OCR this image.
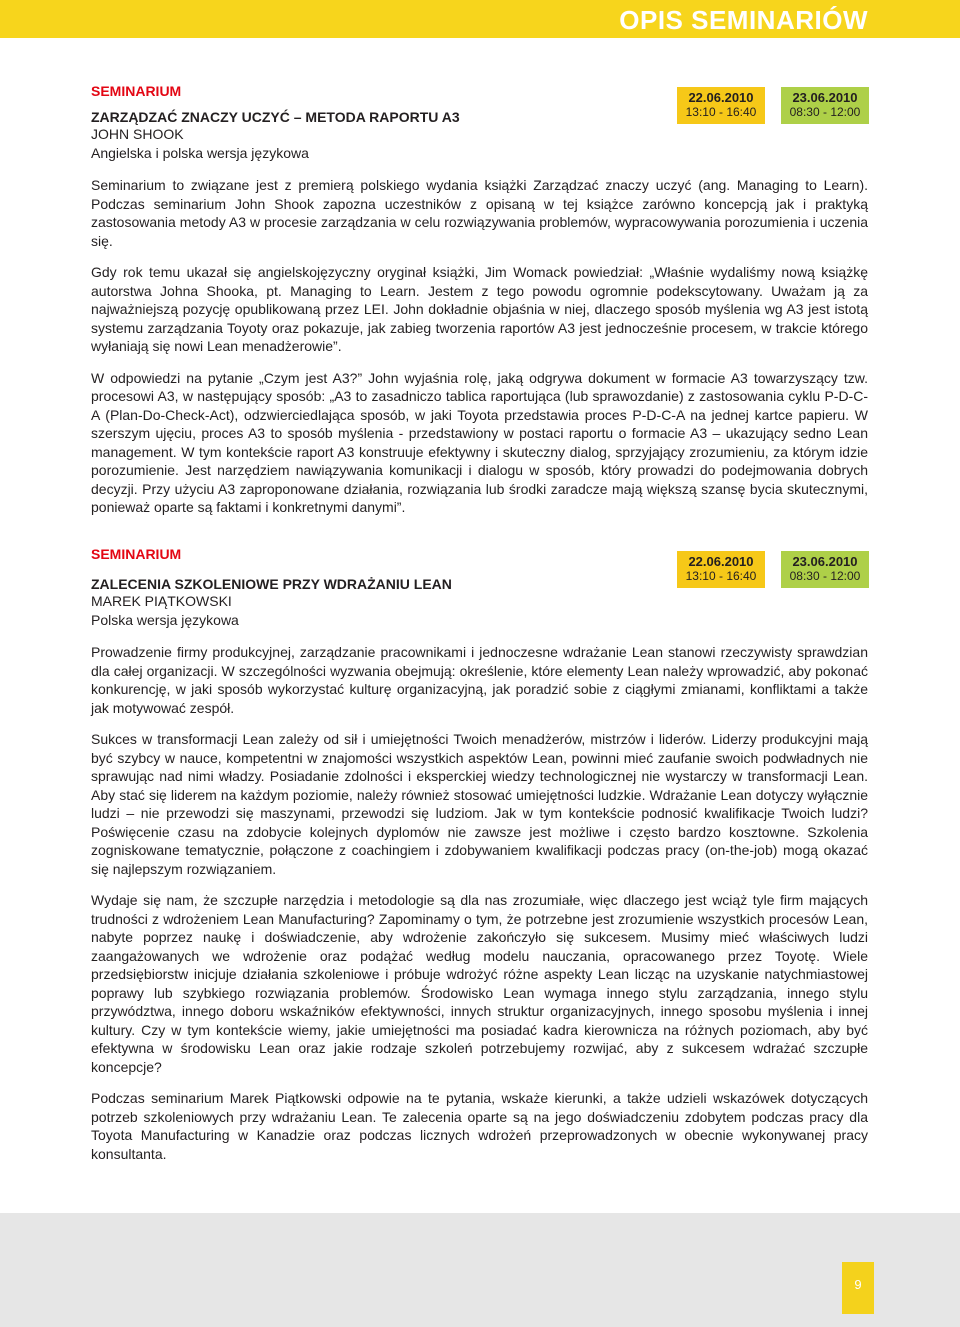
OPIS SEMINARIÓW
22.06.2010
13:10 - 16:40
23.06.2010
08:30 - 12:00
SEMINARIUM
ZARZĄDZAĆ ZNACZY UCZYĆ – METODA RAPORTU A3
JOHN SHOOK
Angielska i polska wersja językowa

Seminarium to związane jest z premierą polskiego wydania książki Zarządzać znaczy uczyć (ang. Managing to Learn). Podczas seminarium John Shook zapozna uczestników z opisaną w tej książce zarówno koncepcją jak i praktyką zastosowania metody A3 w procesie zarządzania w celu rozwiązywania problemów, wypracowywania porozumienia i uczenia się.

Gdy rok temu ukazał się angielskojęzyczny oryginał książki, Jim Womack powiedział: „Właśnie wydaliśmy nową książkę autorstwa Johna Shooka, pt. Managing to Learn. Jestem z tego powodu ogromnie podekscytowany. Uważam ją za najważniejszą pozycję opublikowaną przez LEI. John dokładnie objaśnia w niej, dlaczego sposób myślenia wg A3 jest istotą systemu zarządzania Toyoty oraz pokazuje, jak zabieg tworzenia raportów A3 jest jednocześnie procesem, w trakcie którego wyłaniają się nowi Lean menadżerowie”.

W odpowiedzi na pytanie „Czym jest A3?” John wyjaśnia rolę, jaką odgrywa dokument w formacie A3 towarzyszący tzw. procesowi A3, w następujący sposób: „A3 to zasadniczo tablica raportująca (lub sprawozdanie) z zastosowania cyklu P-D-C-A (Plan-Do-Check-Act), odzwierciedlająca sposób, w jaki Toyota przedstawia proces P-D-C-A na jednej kartce papieru. W szerszym ujęciu, proces A3 to sposób myślenia - przedstawiony w postaci raportu o formacie A3 – ukazujący sedno Lean management. W tym kontekście raport A3 konstruuje efektywny i skuteczny dialog, sprzyjający zrozumieniu, za którym idzie porozumienie. Jest narzędziem nawiązywania komunikacji i dialogu w sposób, który prowadzi do podejmowania dobrych decyzji. Przy użyciu A3 zaproponowane działania, rozwiązania lub środki zaradcze mają większą szansę bycia skutecznymi, ponieważ oparte są faktami i konkretnymi danymi”.

22.06.2010
13:10 - 16:40
23.06.2010
08:30 - 12:00
SEMINARIUM
ZALECENIA SZKOLENIOWE PRZY WDRAŻANIU LEAN
MAREK PIĄTKOWSKI
Polska wersja językowa

Prowadzenie firmy produkcyjnej, zarządzanie pracownikami i jednoczesne wdrażanie Lean stanowi rzeczywisty sprawdzian dla całej organizacji. W szczególności wyzwania obejmują: określenie, które elementy Lean należy wprowadzić, aby pokonać konkurencję, w jaki sposób wykorzystać kulturę organizacyjną, jak poradzić sobie z ciągłymi zmianami, konfliktami a także jak motywować zespół.

Sukces w transformacji Lean zależy od sił i umiejętności Twoich menadżerów, mistrzów i liderów. Liderzy produkcyjni mają być szybcy w nauce, kompetentni w znajomości wszystkich aspektów Lean, powinni mieć zaufanie swoich podwładnych nie sprawując nad nimi władzy. Posiadanie zdolności i eksperckiej wiedzy technologicznej nie wystarczy w transformacji Lean. Aby stać się liderem na każdym poziomie, należy również stosować umiejętności ludzkie. Wdrażanie Lean dotyczy wyłącznie ludzi – nie przewodzi się maszynami, przewodzi się ludziom. Jak w tym kontekście podnosić kwalifikacje Twoich ludzi? Poświęcenie czasu na zdobycie kolejnych dyplomów nie zawsze jest możliwe i często bardzo kosztowne. Szkolenia zogniskowane tematycznie, połączone z coachingiem i zdobywaniem kwalifikacji podczas pracy (on-the-job) mogą okazać się najlepszym rozwiązaniem.

Wydaje się nam, że szczupłe narzędzia i metodologie są dla nas zrozumiałe, więc dlaczego jest wciąż tyle firm mających trudności z wdrożeniem Lean Manufacturing? Zapominamy o tym, że potrzebne jest zrozumienie wszystkich procesów Lean, nabyte poprzez naukę i doświadczenie, aby wdrożenie zakończyło się sukcesem. Musimy mieć właściwych ludzi zaangażowanych we wdrożenie oraz podążać według modelu nauczania, opracowanego przez Toyotę. Wiele przedsiębiorstw inicjuje działania szkoleniowe i próbuje wdrożyć różne aspekty Lean licząc na uzyskanie natychmiastowej poprawy lub szybkiego rozwiązania problemów. Środowisko Lean wymaga innego stylu zarządzania, innego stylu przywództwa, innego doboru wskaźników efektywności, innych struktur organizacyjnych, innego sposobu myślenia i innej kultury. Czy w tym kontekście wiemy, jakie umiejętności ma posiadać kadra kierownicza na różnych poziomach, aby być efektywna w środowisku Lean oraz jakie rodzaje szkoleń potrzebujemy rozwijać, aby z sukcesem wdrażać szczupłe koncepcje?

Podczas seminarium Marek Piątkowski odpowie na te pytania, wskaże kierunki, a także udzieli wskazówek dotyczących potrzeb szkoleniowych przy wdrażaniu Lean. Te zalecenia oparte są na jego doświadczeniu zdobytem podczas pracy dla Toyota Manufacturing w Kanadzie oraz podczas licznych wdrożeń przeprowadzonych w obecnie wykonywanej pracy konsultanta.

9
